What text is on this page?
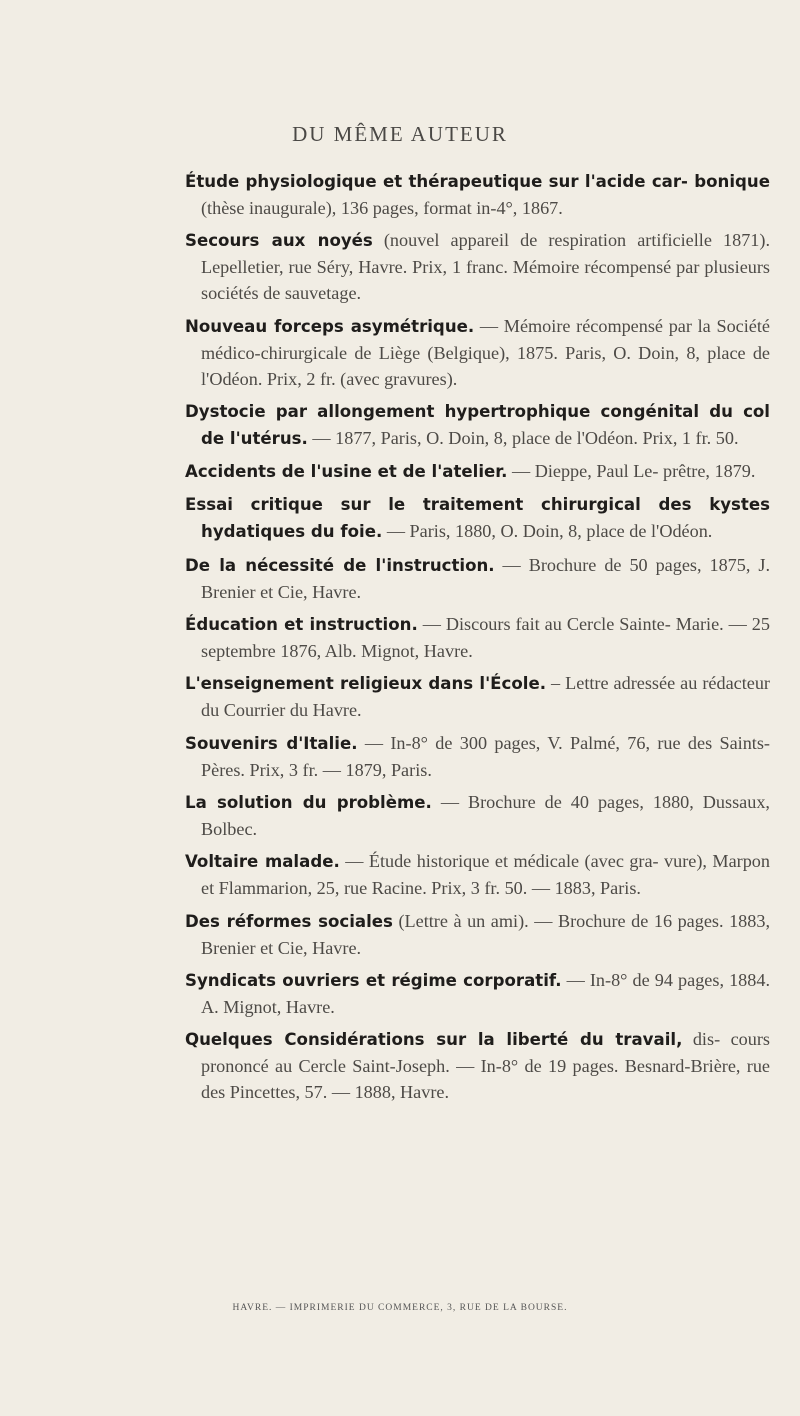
DU MÊME AUTEUR

Étude physiologique et thérapeutique sur l'acide car- bonique (thèse inaugurale), 136 pages, format in-4°, 1867.

Secours aux noyés (nouvel appareil de respiration artificielle 1871). Lepelletier, rue Séry, Havre. Prix, 1 franc. Mémoire récompensé par plusieurs sociétés de sauvetage.

Nouveau forceps asymétrique. — Mémoire récompensé par la Société médico-chirurgicale de Liège (Belgique), 1875. Paris, O. Doin, 8, place de l'Odéon. Prix, 2 fr. (avec gravures).

Dystocie par allongement hypertrophique congénital du col de l'utérus. — 1877, Paris, O. Doin, 8, place de l'Odéon. Prix, 1 fr. 50.

Accidents de l'usine et de l'atelier. — Dieppe, Paul Le- prêtre, 1879.

Essai critique sur le traitement chirurgical des kystes hydatiques du foie. — Paris, 1880, O. Doin, 8, place de l'Odéon.

De la nécessité de l'instruction. — Brochure de 50 pages, 1875, J. Brenier et Cie, Havre.

Éducation et instruction. — Discours fait au Cercle Sainte- Marie. — 25 septembre 1876, Alb. Mignot, Havre.

L'enseignement religieux dans l'École. – Lettre adressée au rédacteur du Courrier du Havre.

Souvenirs d'Italie. — In-8° de 300 pages, V. Palmé, 76, rue des Saints-Pères. Prix, 3 fr. — 1879, Paris.

La solution du problème. — Brochure de 40 pages, 1880, Dussaux, Bolbec.

Voltaire malade. — Étude historique et médicale (avec gra- vure), Marpon et Flammarion, 25, rue Racine. Prix, 3 fr. 50. — 1883, Paris.

Des réformes sociales (Lettre à un ami). — Brochure de 16 pages. 1883, Brenier et Cie, Havre.

Syndicats ouvriers et régime corporatif. — In-8° de 94 pages, 1884. A. Mignot, Havre.

Quelques Considérations sur la liberté du travail, dis- cours prononcé au Cercle Saint-Joseph. — In-8° de 19 pages. Besnard-Brière, rue des Pincettes, 57. — 1888, Havre.

HAVRE. — IMPRIMERIE DU COMMERCE, 3, RUE DE LA BOURSE.
